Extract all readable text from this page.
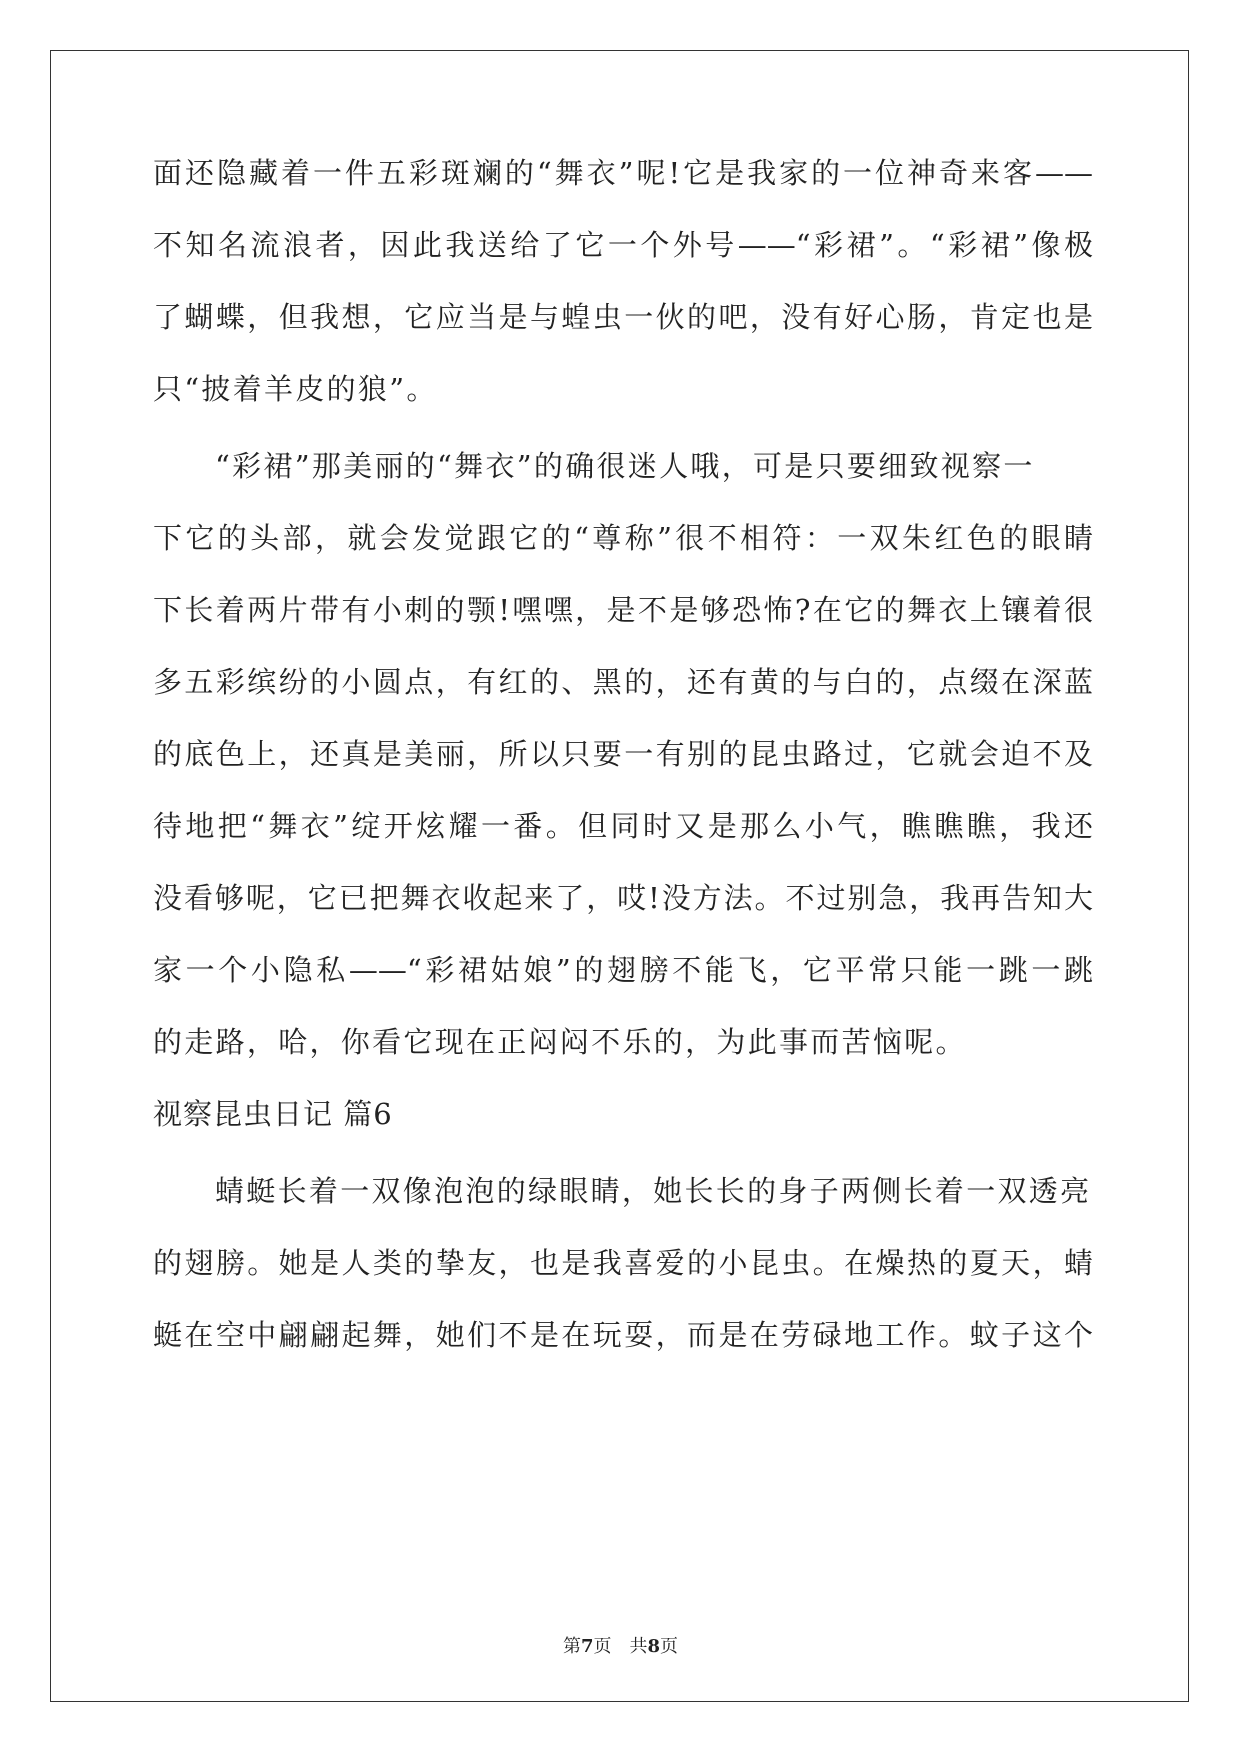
面还隐藏着一件五彩斑斓的“舞衣”呢!它是我家的一位神奇来客——
不知名流浪者，因此我送给了它一个外号——“彩裙”。“彩裙”像极
了蝴蝶，但我想，它应当是与蝗虫一伙的吧，没有好心肠，肯定也是
只“披着羊皮的狼”。
“彩裙”那美丽的“舞衣”的确很迷人哦，可是只要细致视察一
下它的头部，就会发觉跟它的“尊称”很不相符：一双朱红色的眼睛
下长着两片带有小刺的颚!嘿嘿，是不是够恐怖?在它的舞衣上镶着很
多五彩缤纷的小圆点，有红的、黑的，还有黄的与白的，点缀在深蓝
的底色上，还真是美丽，所以只要一有别的昆虫路过，它就会迫不及
待地把“舞衣”绽开炫耀一番。但同时又是那么小气，瞧瞧瞧，我还
没看够呢，它已把舞衣收起来了，哎!没方法。不过别急，我再告知大
家一个小隐私——“彩裙姑娘”的翅膀不能飞，它平常只能一跳一跳
的走路，哈，你看它现在正闷闷不乐的，为此事而苦恼呢。
视察昆虫日记 篇6
蜻蜓长着一双像泡泡的绿眼睛，她长长的身子两侧长着一双透亮
的翅膀。她是人类的挚友，也是我喜爱的小昆虫。在燥热的夏天，蜻
蜓在空中翩翩起舞，她们不是在玩耍，而是在劳碌地工作。蚊子这个
第7页 共8页
